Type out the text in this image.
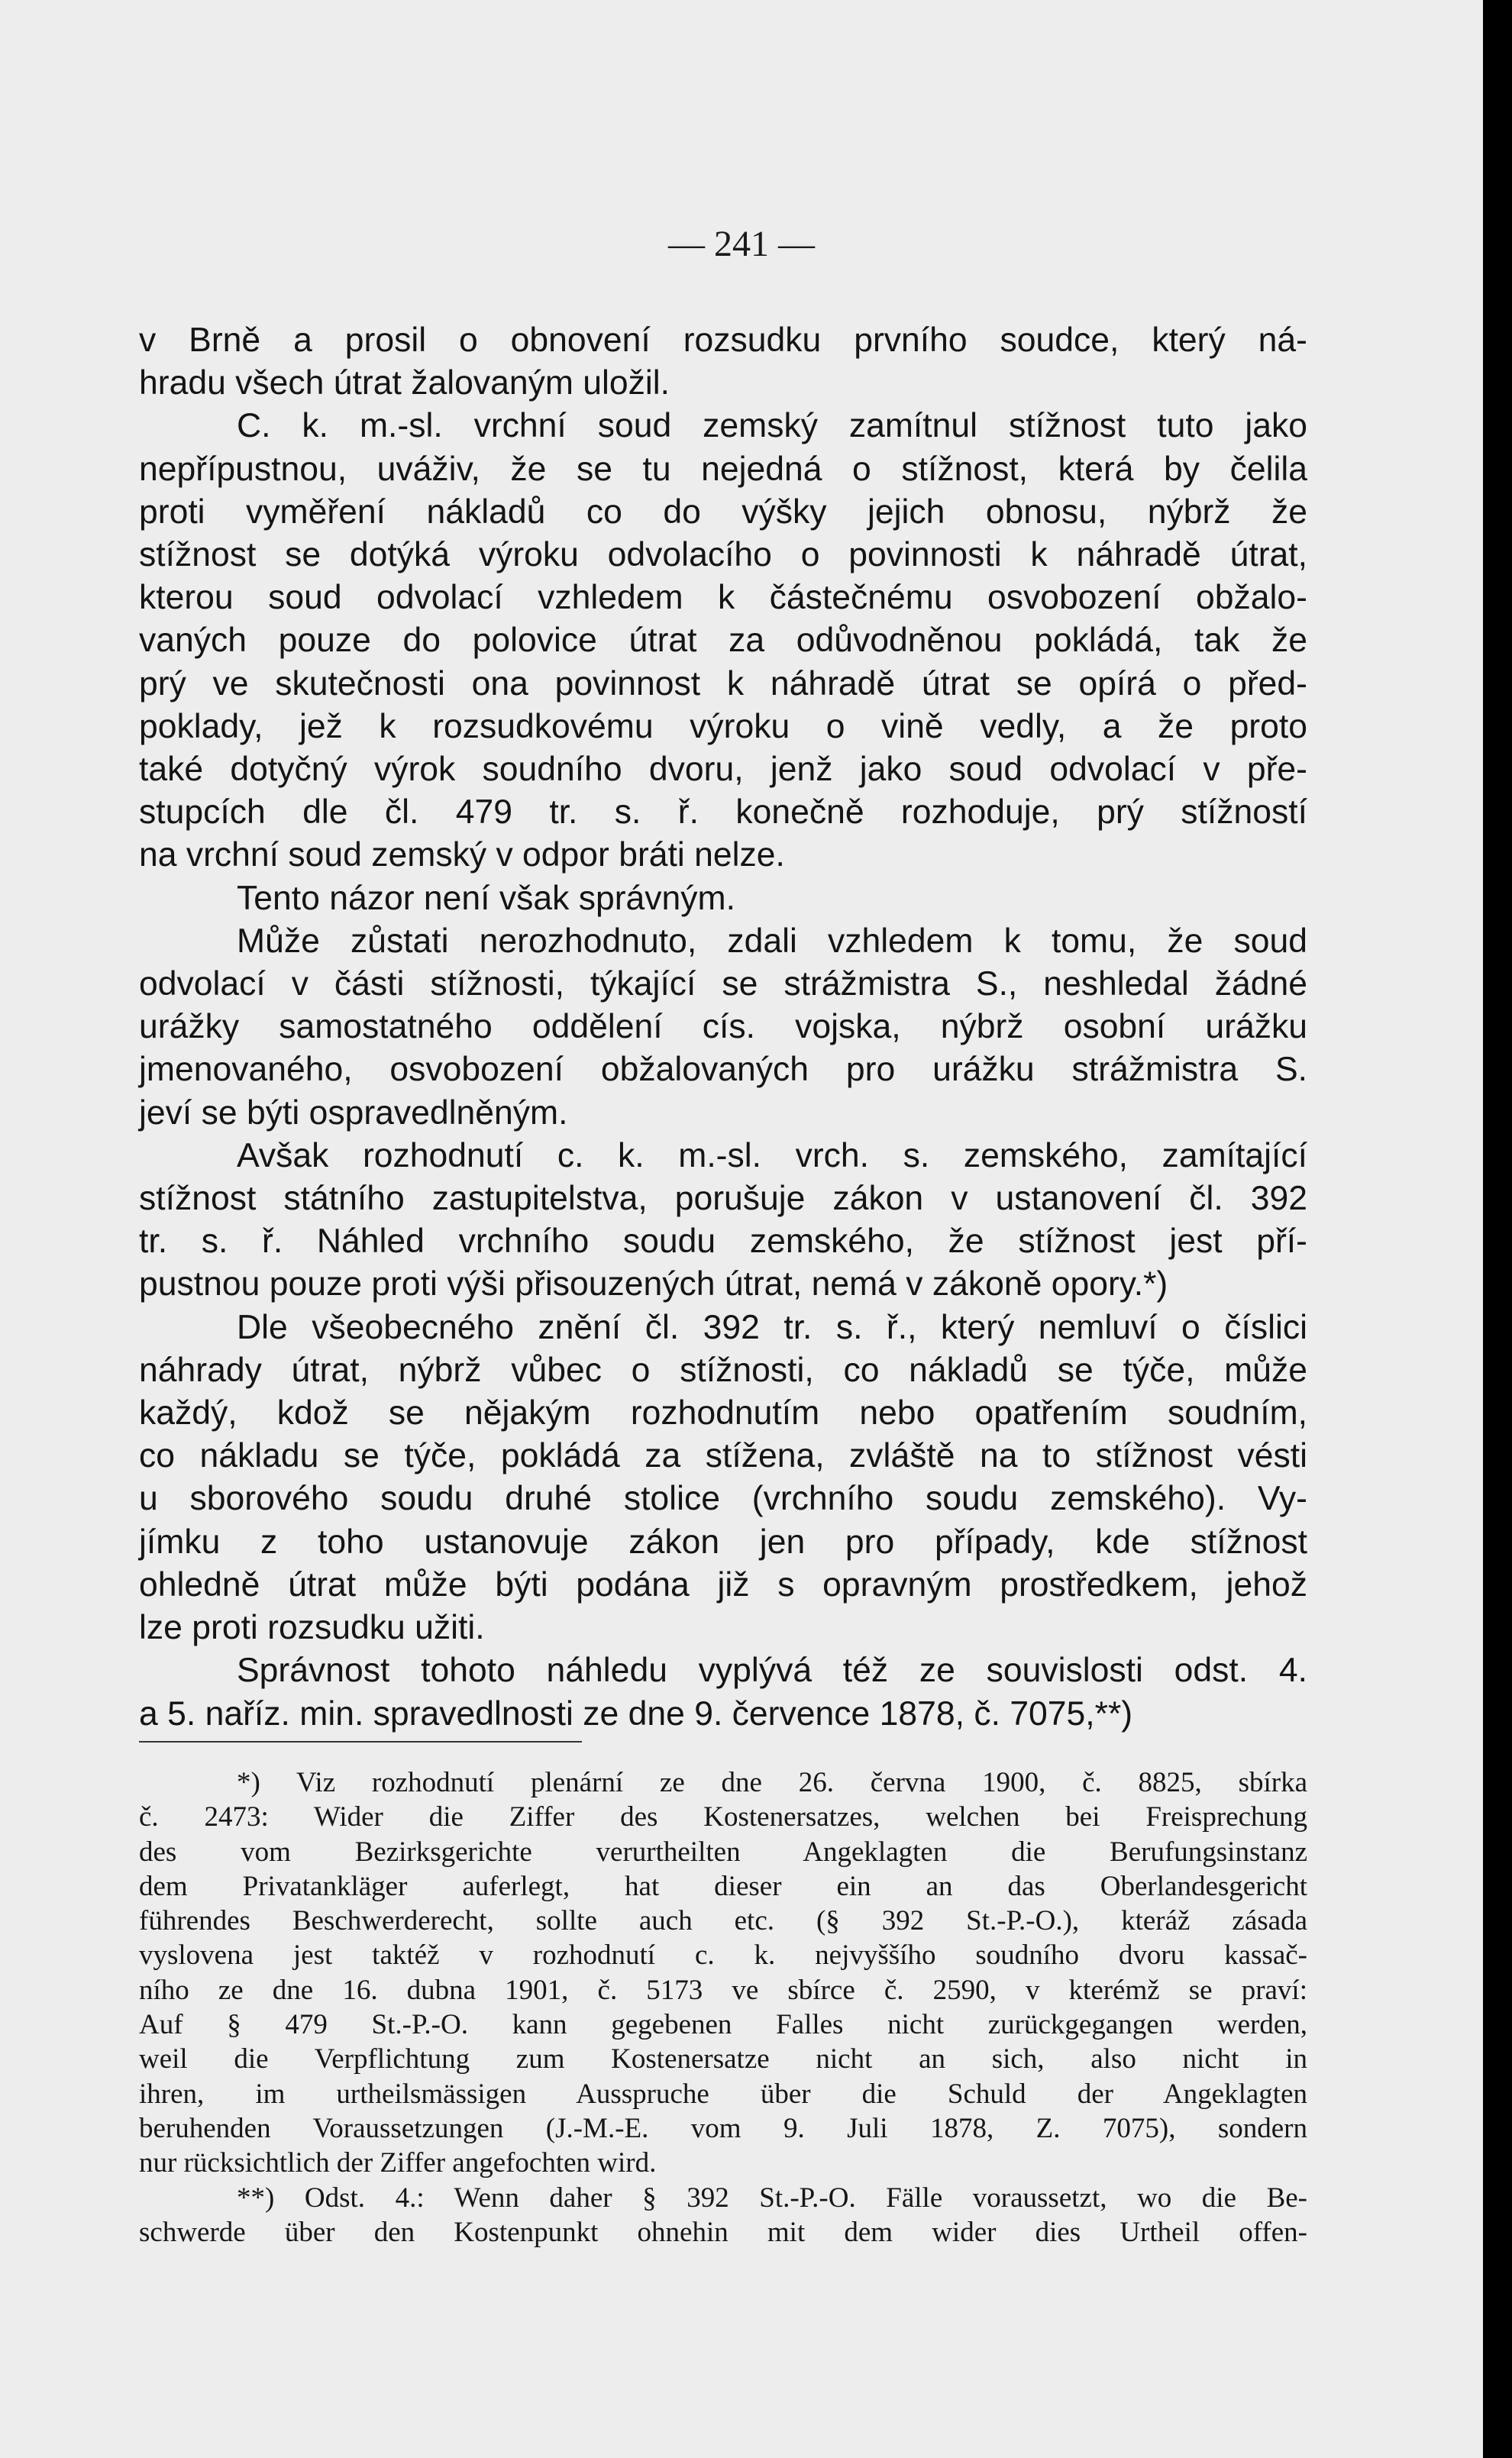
— 241 —
v Brně a prosil o obnovení rozsudku prvního soudce, který ná-
hradu všech útrat žalovaným uložil.
C. k. m.-sl. vrchní soud zemský zamítnul stížnost tuto jako
nepřípustnou, uváživ, že se tu nejedná o stížnost, která by čelila
proti vyměření nákladů co do výšky jejich obnosu, nýbrž že
stížnost se dotýká výroku odvolacího o povinnosti k náhradě útrat,
kterou soud odvolací vzhledem k částečnému osvobození obžalo-
vaných pouze do polovice útrat za odůvodněnou pokládá, tak že
prý ve skutečnosti ona povinnost k náhradě útrat se opírá o před-
poklady, jež k rozsudkovému výroku o vině vedly, a že proto
také dotyčný výrok soudního dvoru, jenž jako soud odvolací v pře-
stupcích dle čl. 479 tr. s. ř. konečně rozhoduje, prý stížností
na vrchní soud zemský v odpor bráti nelze.
Tento názor není však správným.
Může zůstati nerozhodnuto, zdali vzhledem k tomu, že soud
odvolací v části stížnosti, týkající se strážmistra S., neshledal žádné
urážky samostatného oddělení cís. vojska, nýbrž osobní urážku
jmenovaného, osvobození obžalovaných pro urážku strážmistra S.
jeví se býti ospravedlněným.
Avšak rozhodnutí c. k. m.-sl. vrch. s. zemského, zamítající
stížnost státního zastupitelstva, porušuje zákon v ustanovení čl. 392
tr. s. ř. Náhled vrchního soudu zemského, že stížnost jest pří-
pustnou pouze proti výši přisouzených útrat, nemá v zákoně opory.*)
Dle všeobecného znění čl. 392 tr. s. ř., který nemluví o číslici
náhrady útrat, nýbrž vůbec o stížnosti, co nákladů se týče, může
každý, kdož se nějakým rozhodnutím nebo opatřením soudním,
co nákladu se týče, pokládá za stížena, zvláště na to stížnost vésti
u sborového soudu druhé stolice (vrchního soudu zemského). Vy-
jímku z toho ustanovuje zákon jen pro případy, kde stížnost
ohledně útrat může býti podána již s opravným prostředkem, jehož
lze proti rozsudku užiti.
Správnost tohoto náhledu vyplývá též ze souvislosti odst. 4.
a 5. naříz. min. spravedlnosti ze dne 9. července 1878, č. 7075,**)
*) Viz rozhodnutí plenární ze dne 26. června 1900, č. 8825, sbírka
č. 2473: Wider die Ziffer des Kostenersatzes, welchen bei Freisprechung
des vom Bezirksgerichte verurtheilten Angeklagten die Berufungsinstanz
dem Privatankläger auferlegt, hat dieser ein an das Oberlandesgericht
führendes Beschwerderecht, sollte auch etc. (§ 392 St.-P.-O.), kteráž zásada
vyslovena jest taktéž v rozhodnutí c. k. nejvyššího soudního dvoru kassač-
ního ze dne 16. dubna 1901, č. 5173 ve sbírce č. 2590, v kterémž se praví:
Auf § 479 St.-P.-O. kann gegebenen Falles nicht zurückgegangen werden,
weil die Verpflichtung zum Kostenersatze nicht an sich, also nicht in
ihren, im urtheilsmässigen Ausspruche über die Schuld der Angeklagten
beruhenden Voraussetzungen (J.-M.-E. vom 9. Juli 1878, Z. 7075), sondern
nur rücksichtlich der Ziffer angefochten wird.
**) Odst. 4.: Wenn daher § 392 St.-P.-O. Fälle voraussetzt, wo die Be-
schwerde über den Kostenpunkt ohnehin mit dem wider dies Urtheil offen-
